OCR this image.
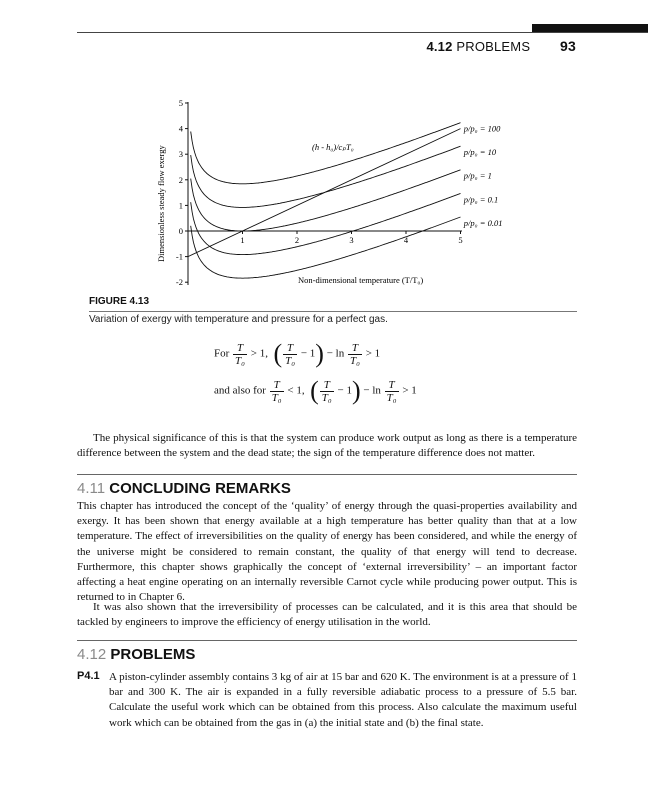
4.12 PROBLEMS 93
-2
-1
0
1
2
3
4
5
1	2	3	4	5
Dimensionless steady flow exergy
Non-dimensional temperature (T/T₀)
(h - h₀)/cₚT₀
p/p₀ = 100
p/p₀ = 10
p/p₀ = 1
p/p₀ = 0.1
p/p₀ = 0.01
FIGURE 4.13
Variation of exergy with temperature and pressure for a perfect gas.
For $\frac{T}{\text{T₀}} > 1$, ( $\frac{T}{\text{T₀}} - 1) - \ln \frac{T}{\text{T₀}} > 1$
and also for $\frac{T}{\text{T₀}} < 1$, ( $\frac{T}{\text{T₀}} - 1) - \ln \frac{T}{\text{T₀}} > 1$
The physical significance of this is that the system can produce work output as long as there is a temperature difference between the system and the dead state; the sign of the temperature difference does not matter.
4.11 CONCLUDING REMARKS
This chapter has introduced the concept of the ‘quality’ of energy through the quasi-properties availability and exergy. It has been shown that energy available at a high temperature has better quality than that at a low temperature. The effect of irreversibilities on the quality of energy has been considered, and while the energy of the universe might be considered to remain constant, the quality of that energy will tend to decrease. Furthermore, this chapter shows graphically the concept of ‘external irreversibility’ – an important factor affecting a heat engine operating on an internally reversible Carnot cycle while producing power output. This is returned to in Chapter 6.
It was also shown that the irreversibility of processes can be calculated, and it is this area that should be tackled by engineers to improve the efficiency of energy utilisation in the world.
4.12 PROBLEMS
P4.1 A piston-cylinder assembly contains 3 kg of air at 15 bar and 620 K. The environment is at a pressure of 1 bar and 300 K. The air is expanded in a fully reversible adiabatic process to a pressure of 5.5 bar. Calculate the useful work which can be obtained from this process. Also calculate the maximum useful work which can be obtained from the gas in (a) the initial state and (b) the final state.
